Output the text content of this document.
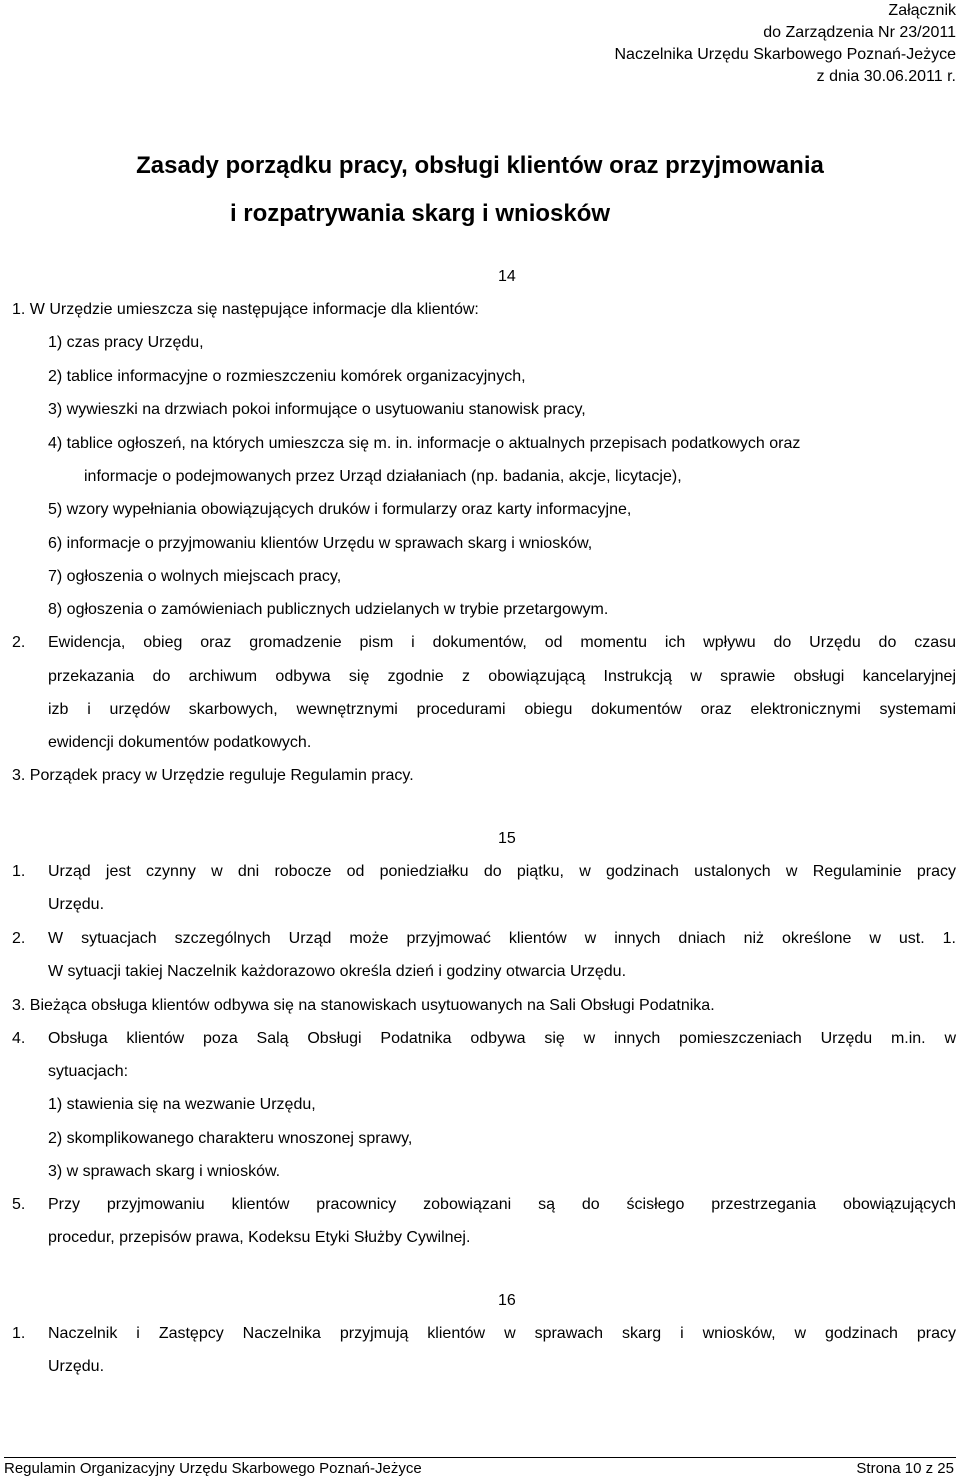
Załącznik
do Zarządzenia Nr 23/2011
Naczelnika Urzędu Skarbowego Poznań-Jeżyce
z dnia 30.06.2011 r.
Zasady porządku pracy, obsługi klientów oraz przyjmowania
i rozpatrywania skarg i wniosków
14
1. W Urzędzie umieszcza się następujące informacje dla klientów:
1) czas pracy Urzędu,
2) tablice informacyjne o rozmieszczeniu komórek organizacyjnych,
3) wywieszki na drzwiach pokoi informujące o usytuowaniu stanowisk pracy,
4) tablice ogłoszeń, na których umieszcza się m. in. informacje o aktualnych przepisach podatkowych oraz
informacje o podejmowanych przez Urząd działaniach (np. badania, akcje, licytacje),
5) wzory wypełniania obowiązujących druków i formularzy oraz karty informacyjne,
6) informacje o przyjmowaniu klientów Urzędu w sprawach skarg i wniosków,
7) ogłoszenia o wolnych miejscach pracy,
8) ogłoszenia o zamówieniach publicznych udzielanych w trybie przetargowym.
2. Ewidencja, obieg oraz gromadzenie pism i dokumentów, od momentu ich wpływu do Urzędu do czasu
przekazania do archiwum odbywa się zgodnie z obowiązującą Instrukcją w sprawie obsługi kancelaryjnej
izb i urzędów skarbowych, wewnętrznymi procedurami obiegu dokumentów oraz elektronicznymi systemami
ewidencji dokumentów podatkowych.
3. Porządek pracy w Urzędzie reguluje Regulamin pracy.
15
1. Urząd jest czynny w dni robocze od poniedziałku do piątku, w godzinach ustalonych w Regulaminie pracy
Urzędu.
2. W sytuacjach szczególnych Urząd może przyjmować klientów w innych dniach niż określone w ust. 1.
W sytuacji takiej Naczelnik każdorazowo określa dzień i godziny otwarcia Urzędu.
3. Bieżąca obsługa klientów odbywa się na stanowiskach usytuowanych na Sali Obsługi Podatnika.
4. Obsługa klientów poza Salą Obsługi Podatnika odbywa się w innych pomieszczeniach Urzędu m.in. w
sytuacjach:
1) stawienia się na wezwanie Urzędu,
2) skomplikowanego charakteru wnoszonej sprawy,
3) w sprawach skarg i wniosków.
5. Przy przyjmowaniu klientów pracownicy zobowiązani są do ścisłego przestrzegania obowiązujących
procedur, przepisów prawa, Kodeksu Etyki Służby Cywilnej.
16
1. Naczelnik i Zastępcy Naczelnika przyjmują klientów w sprawach skarg i wniosków, w godzinach pracy
Urzędu.
Regulamin Organizacyjny Urzędu Skarbowego Poznań-Jeżyce	Strona 10 z 25
